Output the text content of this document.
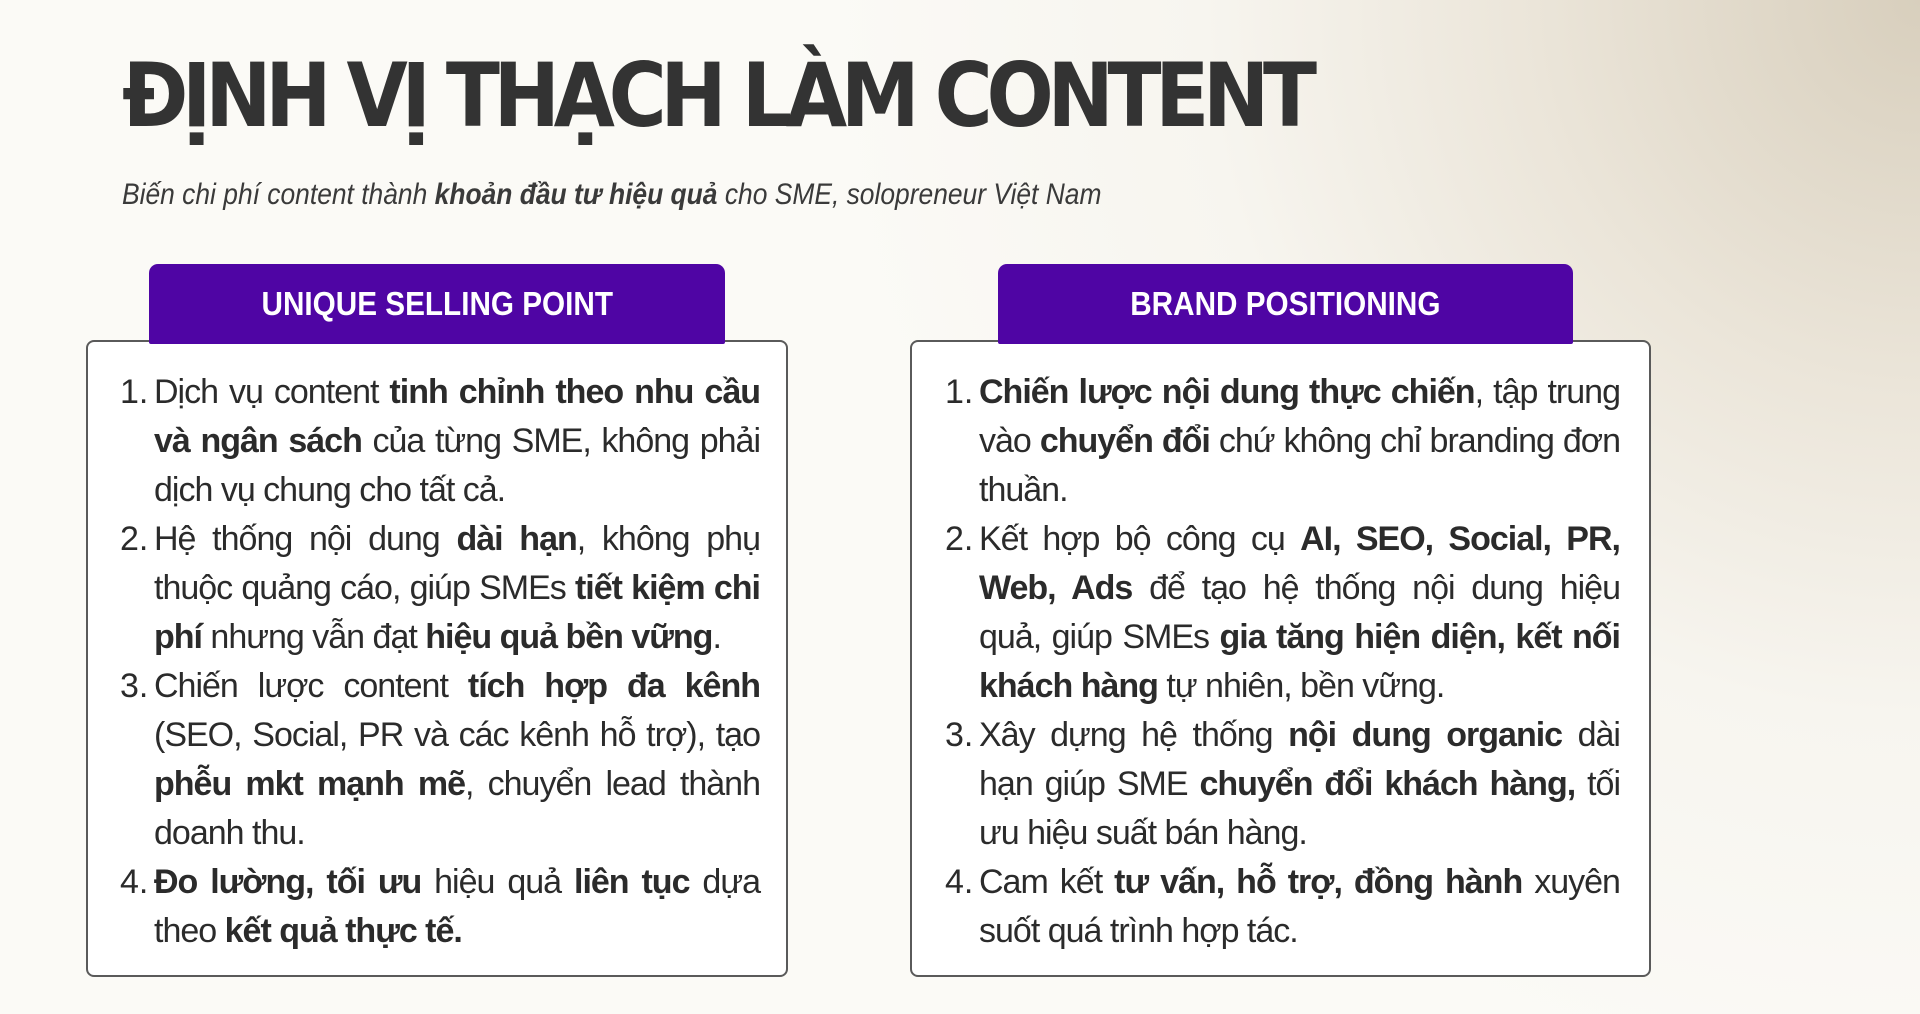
ĐỊNH VỊ THẠCH LÀM CONTENT
Biến chi phí content thành khoản đầu tư hiệu quả cho SME, solopreneur Việt Nam
UNIQUE SELLING POINT
1. Dịch vụ content tinh chỉnh theo nhu cầu và ngân sách của từng SME, không phải dịch vụ chung cho tất cả.
2. Hệ thống nội dung dài hạn, không phụ thuộc quảng cáo, giúp SMEs tiết kiệm chi phí nhưng vẫn đạt hiệu quả bền vững.
3. Chiến lược content tích hợp đa kênh (SEO, Social, PR và các kênh hỗ trợ), tạo phễu mkt mạnh mẽ, chuyển lead thành doanh thu.
4. Đo lường, tối ưu hiệu quả liên tục dựa theo kết quả thực tế.
BRAND POSITIONING
1. Chiến lược nội dung thực chiến, tập trung vào chuyển đổi chứ không chỉ branding đơn thuần.
2. Kết hợp bộ công cụ AI, SEO, Social, PR, Web, Ads để tạo hệ thống nội dung hiệu quả, giúp SMEs gia tăng hiện diện, kết nối khách hàng tự nhiên, bền vững.
3. Xây dựng hệ thống nội dung organic dài hạn giúp SME chuyển đổi khách hàng, tối ưu hiệu suất bán hàng.
4. Cam kết tư vấn, hỗ trợ, đồng hành xuyên suốt quá trình hợp tác.
